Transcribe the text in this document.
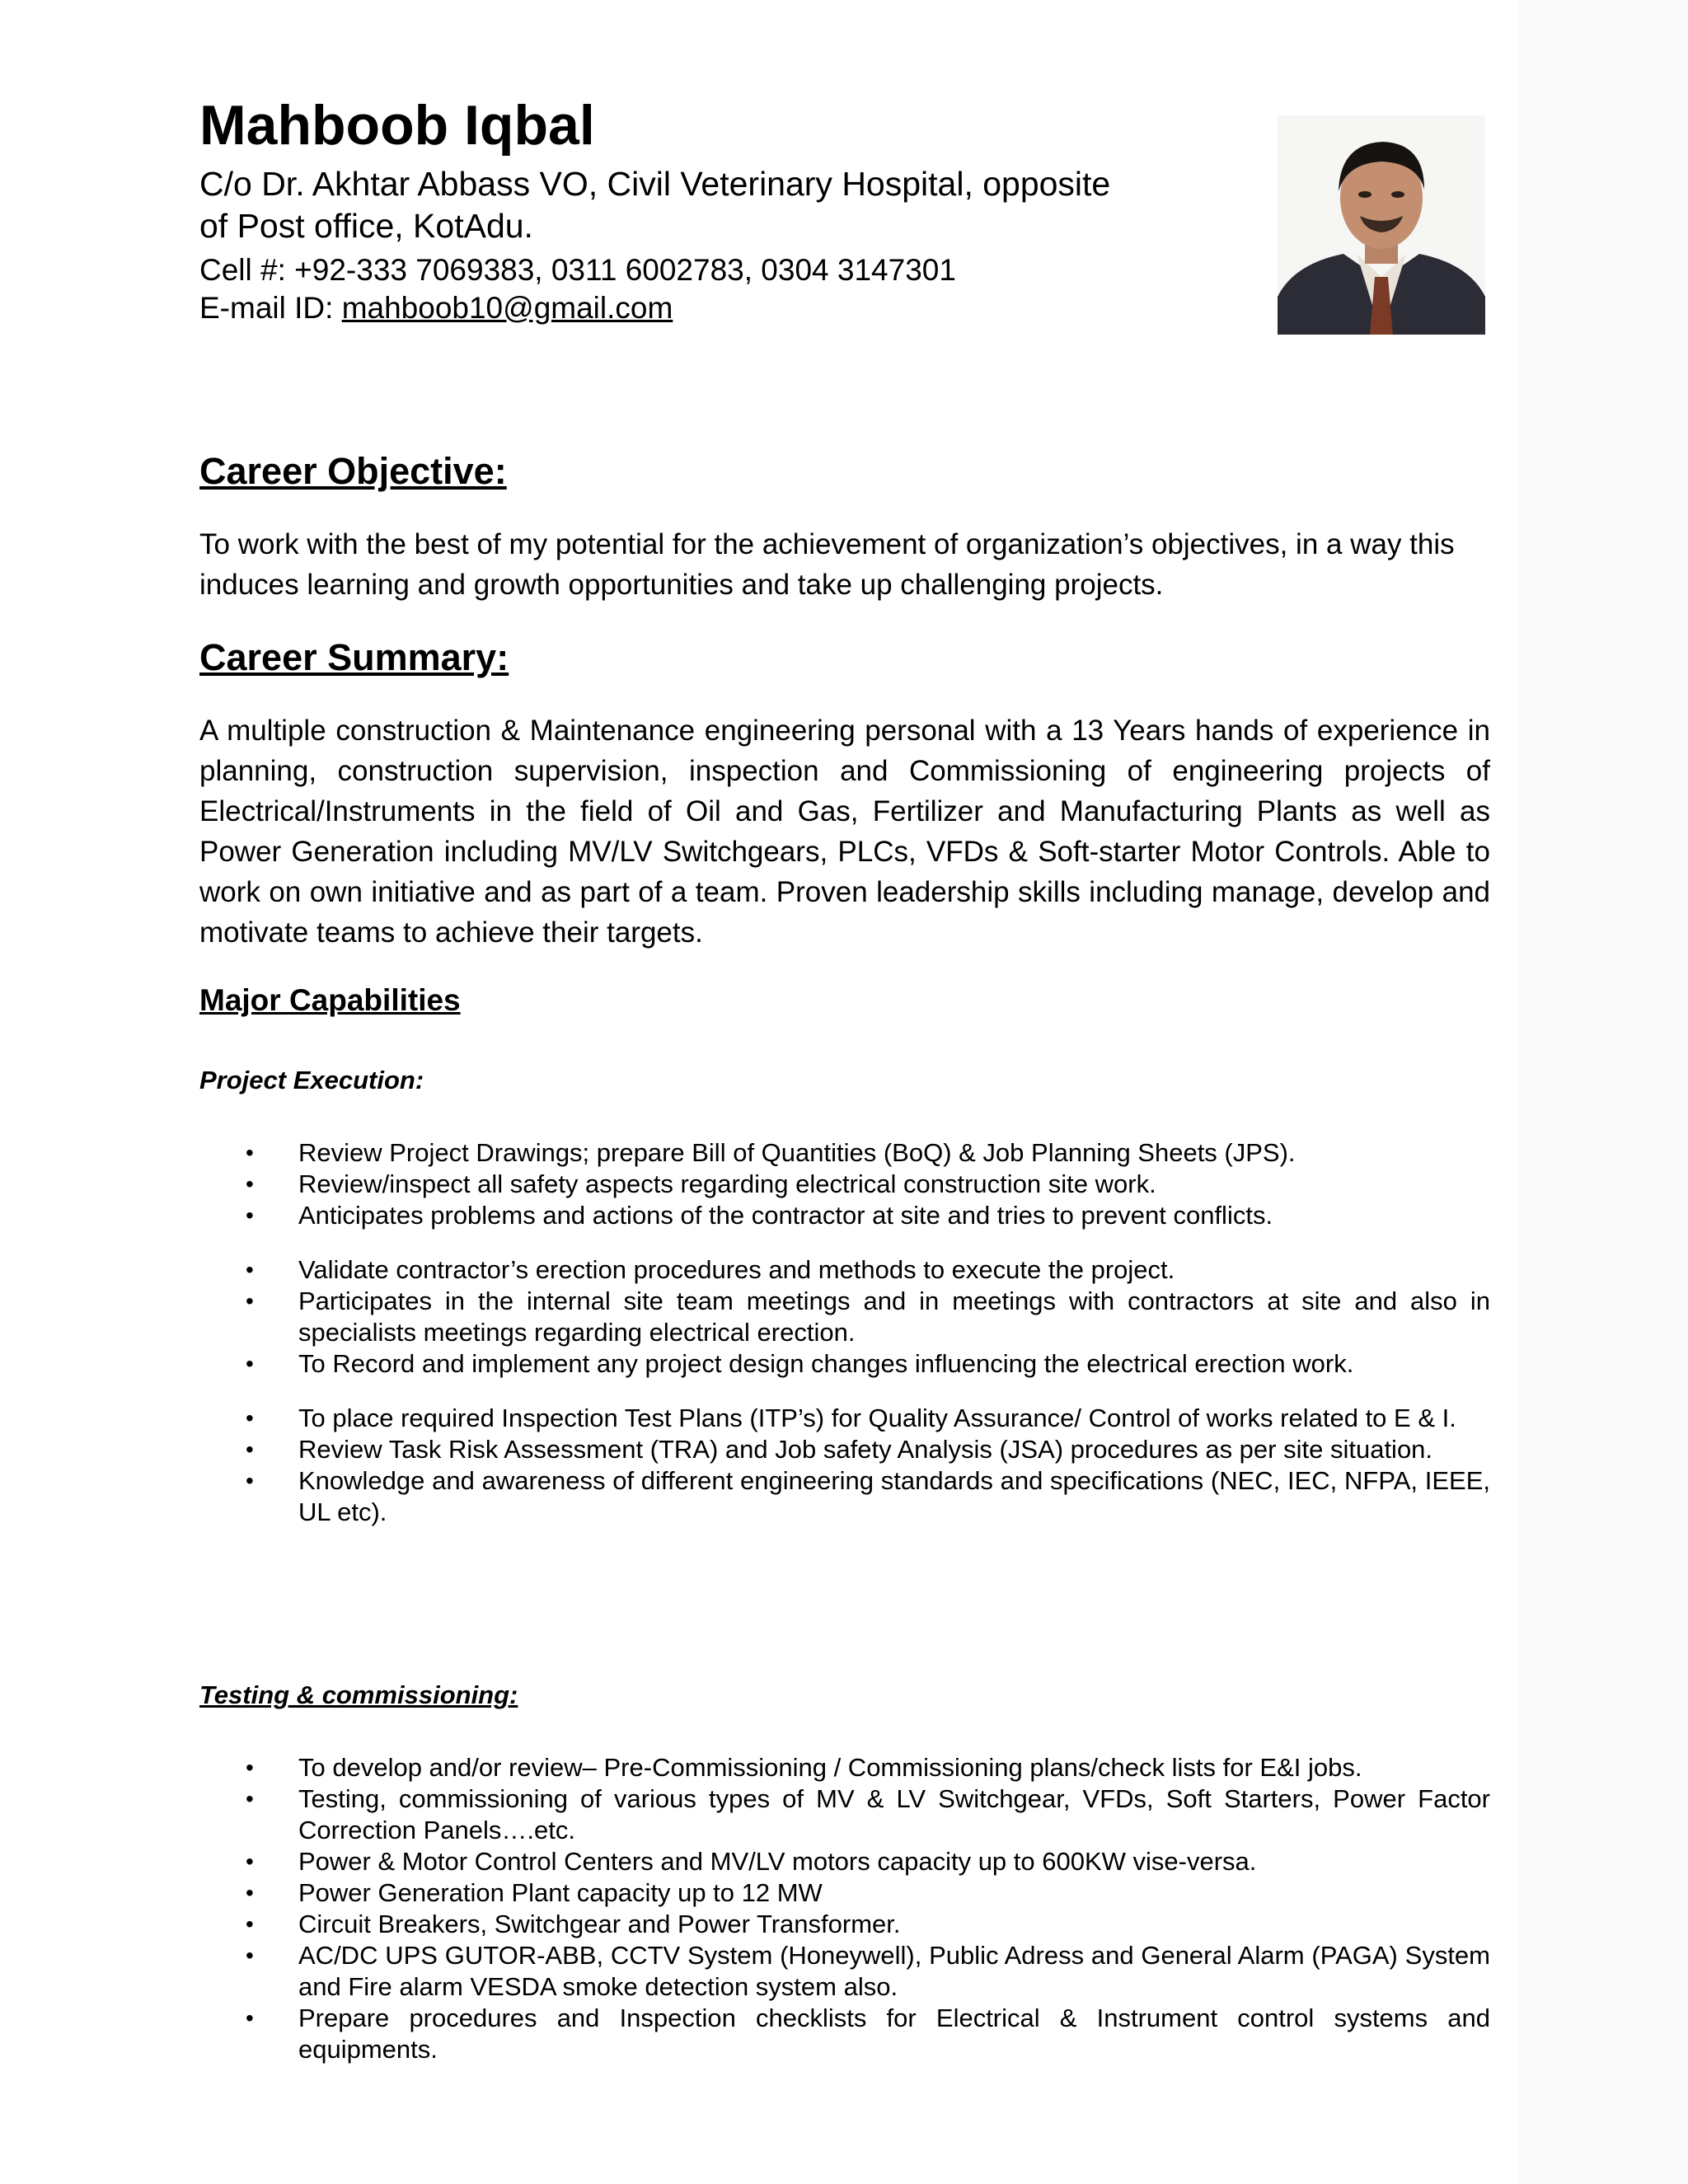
Mahboob Iqbal
C/o Dr. Akhtar Abbass VO, Civil Veterinary Hospital, opposite
of Post office, KotAdu.
Cell #: +92-333 7069383, 0311 6002783, 0304 3147301
E-mail ID: mahboob10@gmail.com
Career Objective:
To work with the best of my potential for the achievement of organization’s objectives, in a way this induces learning and growth opportunities and take up challenging projects.
Career Summary:
A multiple construction & Maintenance engineering personal with a 13 Years hands of experience in planning, construction supervision, inspection and Commissioning of engineering projects of Electrical/Instruments in the field of Oil and Gas, Fertilizer and Manufacturing Plants as well as Power Generation including MV/LV Switchgears, PLCs, VFDs & Soft-starter Motor Controls. Able to work on own initiative and as part of a team. Proven leadership skills including manage, develop and motivate teams to achieve their targets.
Major Capabilities
Project Execution:
• Review Project Drawings; prepare Bill of Quantities (BoQ) & Job Planning Sheets (JPS).
• Review/inspect all safety aspects regarding electrical construction site work.
• Anticipates problems and actions of the contractor at site and tries to prevent conflicts.
• Validate contractor’s erection procedures and methods to execute the project.
• Participates in the internal site team meetings and in meetings with contractors at site and also in specialists meetings regarding electrical erection.
• To Record and implement any project design changes influencing the electrical erection work.
• To place required Inspection Test Plans (ITP’s) for Quality Assurance/ Control of works related to E & I.
• Review Task Risk Assessment (TRA) and Job safety Analysis (JSA) procedures as per site situation.
• Knowledge and awareness of different engineering standards and specifications (NEC, IEC, NFPA, IEEE, UL etc).
Testing & commissioning:
• To develop and/or review– Pre-Commissioning / Commissioning plans/check lists for E&I jobs.
• Testing, commissioning of various types of MV & LV Switchgear, VFDs, Soft Starters, Power Factor Correction Panels….etc.
• Power & Motor Control Centers and MV/LV motors capacity up to 600KW vise-versa.
• Power Generation Plant capacity up to 12 MW
• Circuit Breakers, Switchgear and Power Transformer.
• AC/DC UPS GUTOR-ABB, CCTV System (Honeywell), Public Adress and General Alarm (PAGA) System and Fire alarm VESDA smoke detection system also.
• Prepare procedures and Inspection checklists for Electrical & Instrument control systems and equipments.
